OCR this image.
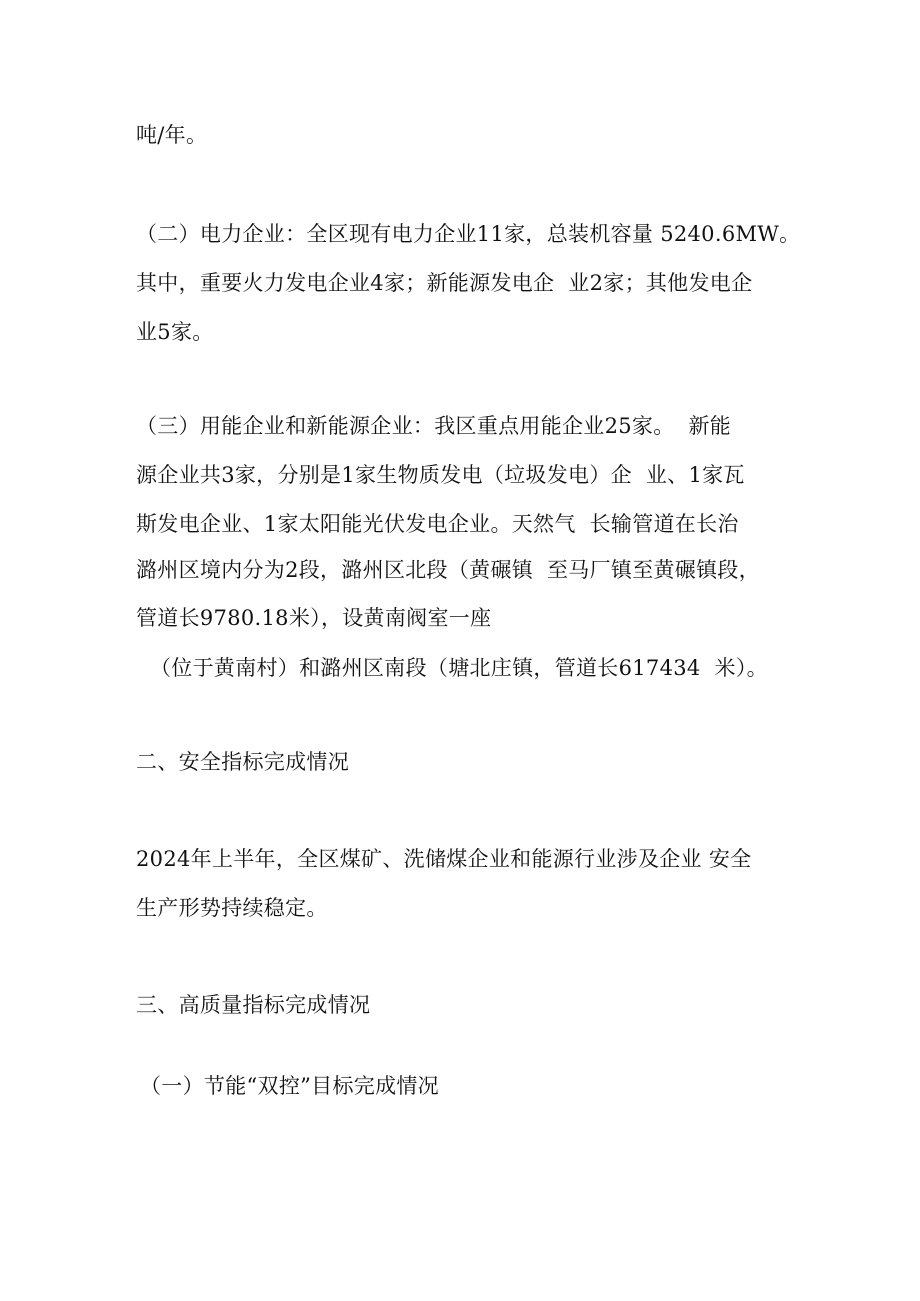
吨/年。
（二）电力企业：全区现有电力企业11家，总装机容量 5240.6MW。
其中，重要火力发电企业4家；新能源发电企  业2家；其他发电企
业5家。
（三）用能企业和新能源企业：我区重点用能企业25家。  新能
源企业共3家，分别是1家生物质发电（垃圾发电）企  业、1家瓦
斯发电企业、1家太阳能光伏发电企业。天然气  长输管道在长治
潞州区境内分为2段，潞州区北段（黄碾镇  至马厂镇至黄碾镇段，
管道长9780.18米），设黄南阀室一座
（位于黄南村）和潞州区南段（塘北庄镇，管道长617434  米）。
二、安全指标完成情况
2024年上半年，全区煤矿、洗储煤企业和能源行业涉及企业 安全
生产形势持续稳定。
三、高质量指标完成情况
（一）节能“双控”目标完成情况
